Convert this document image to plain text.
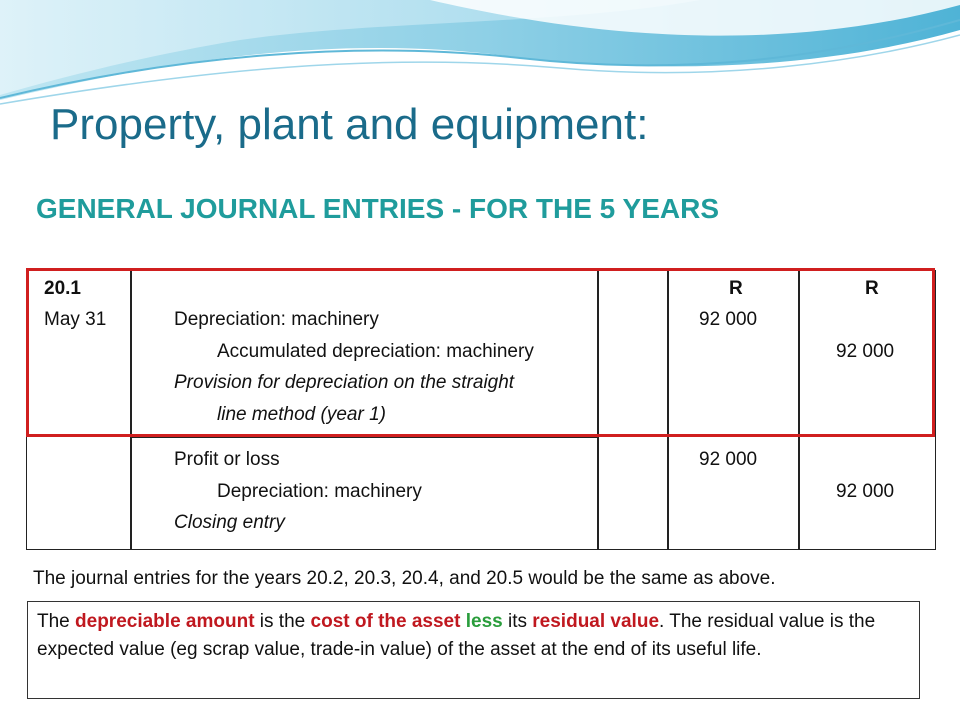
Property, plant and equipment:
GENERAL JOURNAL ENTRIES - FOR THE 5 YEARS
20.1
May 31
R	R
Depreciation: machinery
Accumulated depreciation: machinery
Provision for depreciation on the straight
line method (year 1)
92 000
92 000
Profit or loss
Depreciation: machinery
Closing entry
92 000
92 000
The journal entries for the years 20.2, 20.3, 20.4, and 20.5 would be the same as above.
The depreciable amount is the cost of the asset less its residual value. The residual value is the expected value (eg scrap value, trade-in value) of the asset at the end of its useful life.
